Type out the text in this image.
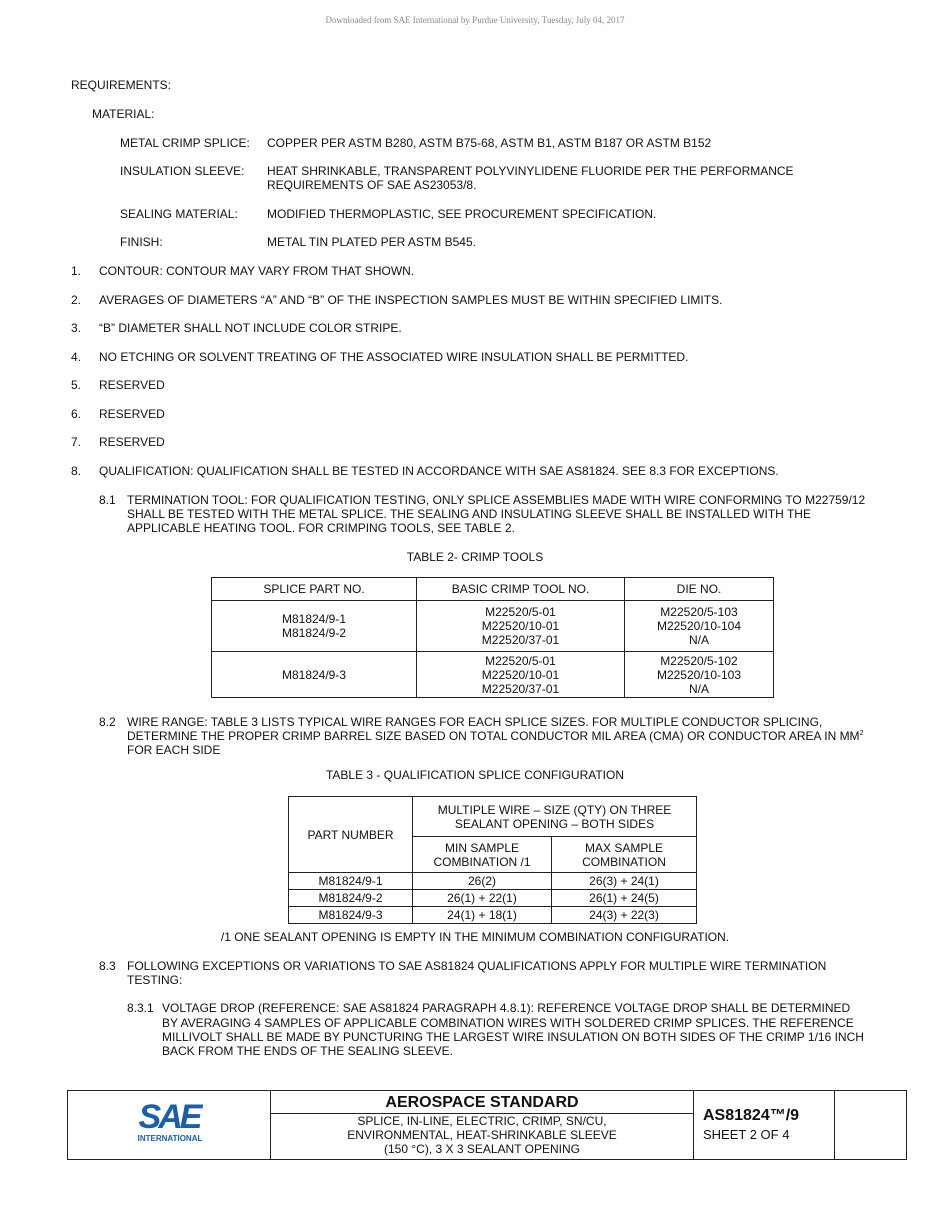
Downloaded from SAE International by Purdue University, Tuesday, July 04, 2017
REQUIREMENTS:
MATERIAL:
METAL CRIMP SPLICE: COPPER PER ASTM B280, ASTM B75-68, ASTM B1, ASTM B187 OR ASTM B152
INSULATION SLEEVE: HEAT SHRINKABLE, TRANSPARENT POLYVINYLIDENE FLUORIDE PER THE PERFORMANCE
REQUIREMENTS OF SAE AS23053/8.
SEALING MATERIAL: MODIFIED THERMOPLASTIC, SEE PROCUREMENT SPECIFICATION.
FINISH:	METAL TIN PLATED PER ASTM B545.
1. CONTOUR: CONTOUR MAY VARY FROM THAT SHOWN.
2. AVERAGES OF DIAMETERS “A” AND “B” OF THE INSPECTION SAMPLES MUST BE WITHIN SPECIFIED LIMITS.
3. “B” DIAMETER SHALL NOT INCLUDE COLOR STRIPE.
4. NO ETCHING OR SOLVENT TREATING OF THE ASSOCIATED WIRE INSULATION SHALL BE PERMITTED.
5. RESERVED
6. RESERVED
7. RESERVED
8. QUALIFICATION: QUALIFICATION SHALL BE TESTED IN ACCORDANCE WITH SAE AS81824. SEE 8.3 FOR EXCEPTIONS.
8.1 TERMINATION TOOL: FOR QUALIFICATION TESTING, ONLY SPLICE ASSEMBLIES MADE WITH WIRE CONFORMING TO M22759/12
SHALL BE TESTED WITH THE METAL SPLICE. THE SEALING AND INSULATING SLEEVE SHALL BE INSTALLED WITH THE
APPLICABLE HEATING TOOL. FOR CRIMPING TOOLS, SEE TABLE 2.
TABLE 2- CRIMP TOOLS
SPLICE PART NO.	BASIC CRIMP TOOL NO.	DIE NO.

M81824/9-1
M81824/9-2	M22520/5-01
M22520/10-01
M22520/37-01	M22520/5-103
M22520/10-104
N/A

M81824/9-3	M22520/5-01
M22520/10-01
M22520/37-01	M22520/5-102
M22520/10-103
N/A
8.2 WIRE RANGE: TABLE 3 LISTS TYPICAL WIRE RANGES FOR EACH SPLICE SIZES. FOR MULTIPLE CONDUCTOR SPLICING,
DETERMINE THE PROPER CRIMP BARREL SIZE BASED ON TOTAL CONDUCTOR MIL AREA (CMA) OR CONDUCTOR AREA IN $MM^2$
FOR EACH SIDE
TABLE 3 - QUALIFICATION SPLICE CONFIGURATION
PART NUMBER	MULTIPLE WIRE – SIZE (QTY) ON THREE
SEALANT OPENING – BOTH SIDES	

	MIN SAMPLE
COMBINATION /1	MAX SAMPLE
COMBINATION

M81824/9-1	26(2)	26(3) + 24(1)
M81824/9-2	26(1) + 22(1)	26(1) + 24(5)
M81824/9-3	24(1) + 18(1)	24(3) + 22(3)
/1 ONE SEALANT OPENING IS EMPTY IN THE MINIMUM COMBINATION CONFIGURATION.
8.3 FOLLOWING EXCEPTIONS OR VARIATIONS TO SAE AS81824 QUALIFICATIONS APPLY FOR MULTIPLE WIRE TERMINATION
TESTING:
8.3.1 VOLTAGE DROP (REFERENCE: SAE AS81824 PARAGRAPH 4.8.1): REFERENCE VOLTAGE DROP SHALL BE DETERMINED
BY AVERAGING 4 SAMPLES OF APPLICABLE COMBINATION WIRES WITH SOLDERED CRIMP SPLICES. THE REFERENCE
MILLIVOLT SHALL BE MADE BY PUNCTURING THE LARGEST WIRE INSULATION ON BOTH SIDES OF THE CRIMP 1/16 INCH
BACK FROM THE ENDS OF THE SEALING SLEEVE.
SAE
INTERNATIONAL
AEROSPACE STANDARD
SPLICE, IN-LINE, ELECTRIC, CRIMP, SN/CU,
ENVIRONMENTAL, HEAT-SHRINKABLE SLEEVE
(150 °C), 3 X 3 SEALANT OPENING
AS81824™/9
SHEET 2 OF 4
